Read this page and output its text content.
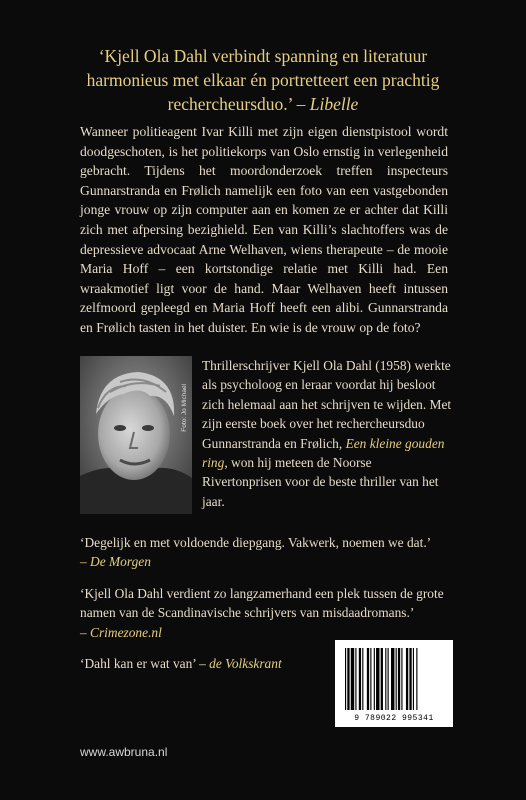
‘Kjell Ola Dahl verbindt spanning en literatuur harmonieus met elkaar én portretteert een prachtig rechercheursduo.’ – Libelle

Wanneer politieagent Ivar Killi met zijn eigen dienstpistool wordt doodgeschoten, is het politiekorps van Oslo ernstig in verlegenheid gebracht. Tijdens het moordonderzoek treffen inspecteurs Gunnarstranda en Frølich namelijk een foto van een vastgebonden jonge vrouw op zijn computer aan en komen ze er achter dat Killi zich met afpersing bezighield. Een van Killi’s slachtoffers was de depressieve advocaat Arne Welhaven, wiens therapeute – de mooie Maria Hoff – een kortstondige relatie met Killi had. Een wraakmotief ligt voor de hand. Maar Welhaven heeft intussen zelfmoord gepleegd en Maria Hoff heeft een alibi. Gunnarstranda en Frølich tasten in het duister. En wie is de vrouw op de foto?

Foto: Jo Michael

Thrillerschrijver Kjell Ola Dahl (1958) werkte als psycholoog en leraar voordat hij besloot zich helemaal aan het schrijven te wijden. Met zijn eerste boek over het rechercheursduo Gunnarstranda en Frølich, Een kleine gouden ring, won hij meteen de Noorse Rivertonprisen voor de beste thriller van het jaar.

‘Degelijk en met voldoende diepgang. Vakwerk, noemen we dat.’
– De Morgen

‘Kjell Ola Dahl verdient zo langzamerhand een plek tussen de grote namen van de Scandinavische schrijvers van misdaadromans.’
– Crimezone.nl

‘Dahl kan er wat van’ – de Volkskrant

9 789022 995341
www.awbruna.nl
